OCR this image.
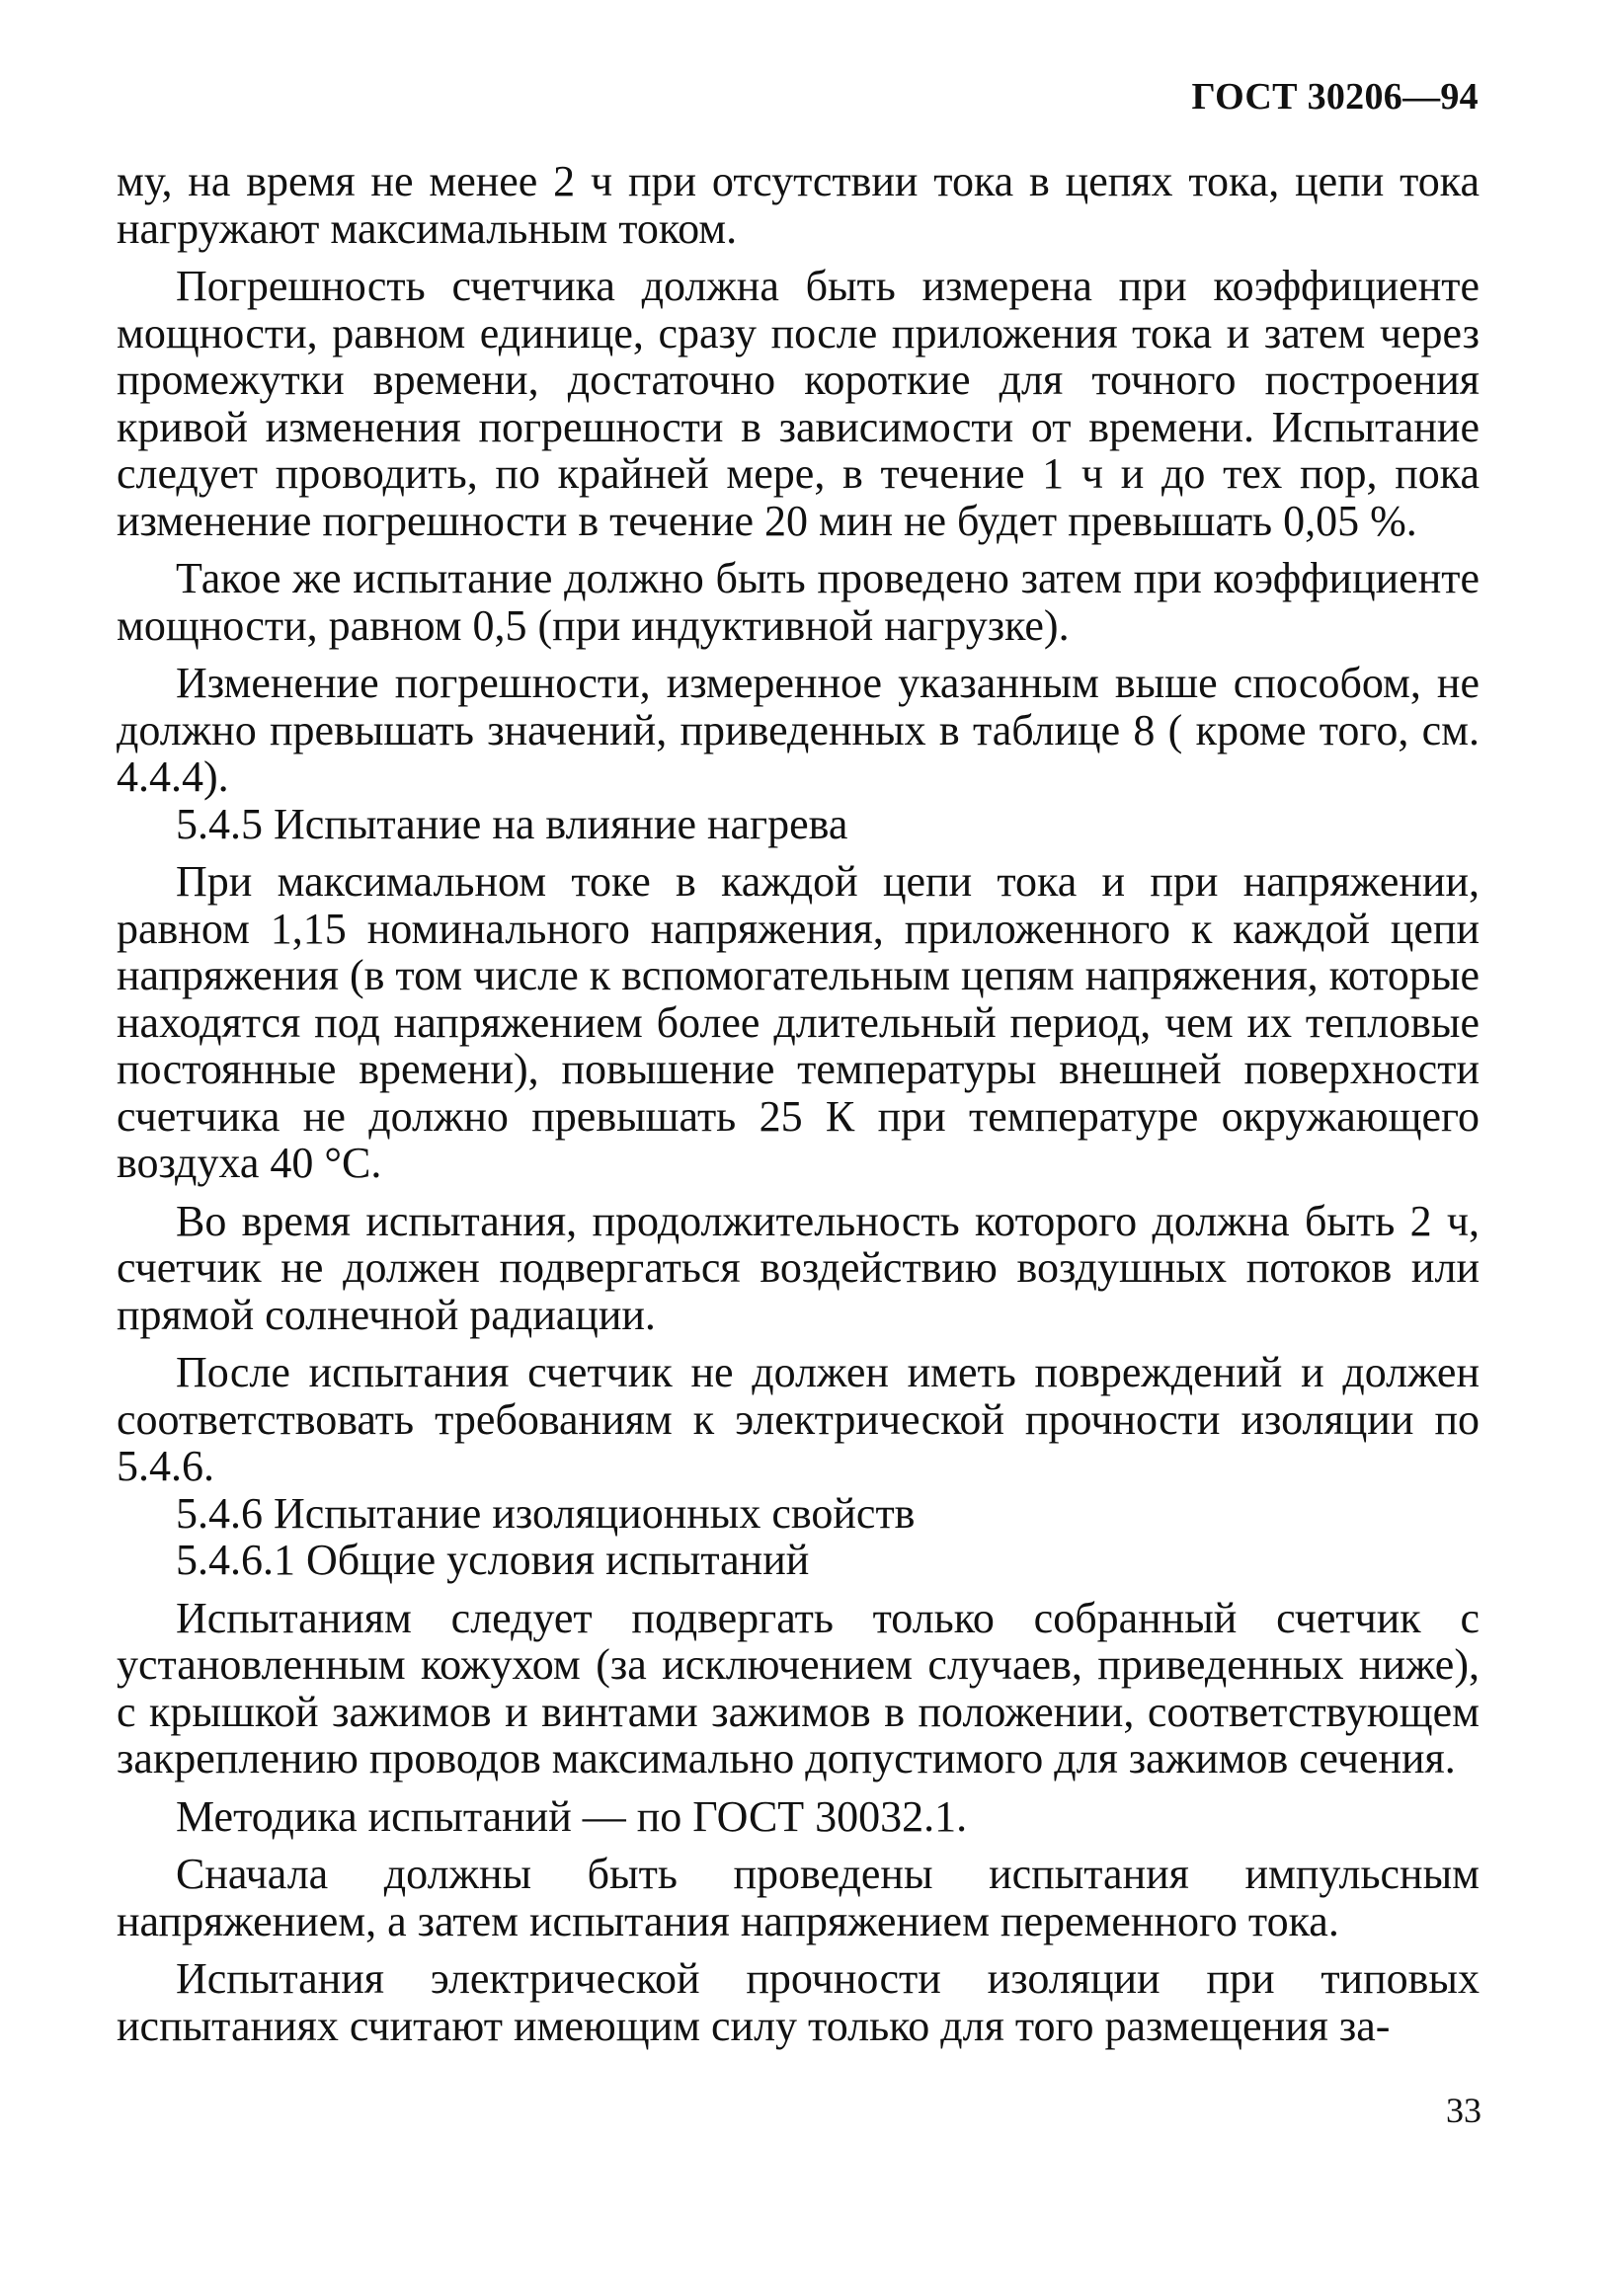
ГОСТ 30206—94

му, на время не менее 2 ч при отсутствии тока в цепях тока, цепи тока нагружают максимальным током.

Погрешность счетчика должна быть измерена при коэффициенте мощности, равном единице, сразу после приложения тока и затем через промежутки времени, достаточно короткие для точного построения кривой изменения погрешности в зависимости от времени. Испытание следует проводить, по крайней мере, в течение 1 ч и до тех пор, пока изменение погрешности в течение 20 мин не будет превышать 0,05 %.

Такое же испытание должно быть проведено затем при коэффициенте мощности, равном 0,5 (при индуктивной нагрузке).

Изменение погрешности, измеренное указанным выше способом, не должно превышать значений, приведенных в таблице 8 ( кроме того, см. 4.4.4).

5.4.5 Испытание на влияние нагрева

При максимальном токе в каждой цепи тока и при напряжении, равном 1,15 номинального напряжения, приложенного к каждой цепи напряжения (в том числе к вспомогательным цепям напряжения, которые находятся под напряжением более длительный период, чем их тепловые постоянные времени), повышение температуры внешней поверхности счетчика не должно превышать 25 К при температуре окружающего воздуха 40 °С.

Во время испытания, продолжительность которого должна быть 2 ч, счетчик не должен подвергаться воздействию воздушных потоков или прямой солнечной радиации.

После испытания счетчик не должен иметь повреждений и должен соответствовать требованиям к электрической прочности изоляции по 5.4.6.

5.4.6 Испытание изоляционных свойств

5.4.6.1 Общие условия испытаний

Испытаниям следует подвергать только собранный счетчик с установленным кожухом (за исключением случаев, приведенных ниже), с крышкой зажимов и винтами зажимов в положении, соответствующем закреплению проводов максимально допустимого для зажимов сечения.

Методика испытаний — по ГОСТ 30032.1.

Сначала должны быть проведены испытания импульсным напряжением, а затем испытания напряжением переменного тока.

Испытания электрической прочности изоляции при типовых испытаниях считают имеющим силу только для того размещения за-

33
